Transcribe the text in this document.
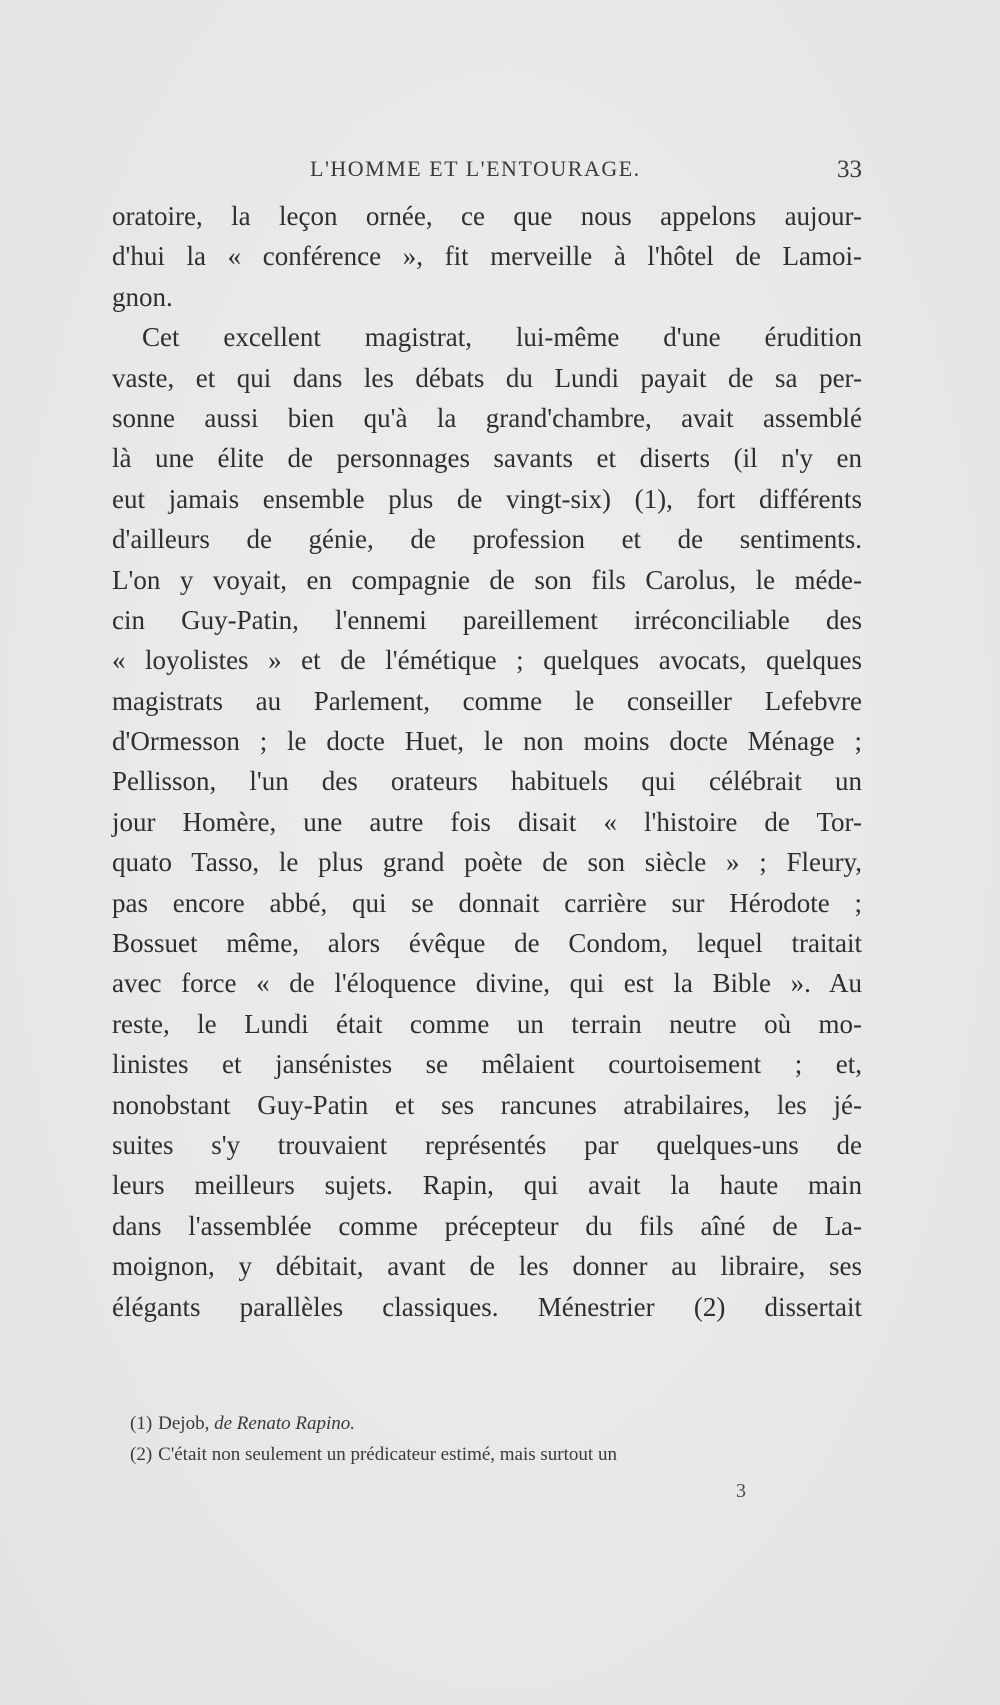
L'HOMME ET L'ENTOURAGE.	33
oratoire, la leçon ornée, ce que nous appelons aujour-
d'hui la « conférence », fit merveille à l'hôtel de Lamoi-
gnon.
Cet excellent magistrat, lui-même d'une érudition
vaste, et qui dans les débats du Lundi payait de sa per-
sonne aussi bien qu'à la grand'chambre, avait assemblé
là une élite de personnages savants et diserts (il n'y en
eut jamais ensemble plus de vingt-six) (1), fort différents
d'ailleurs de génie, de profession et de sentiments.
L'on y voyait, en compagnie de son fils Carolus, le méde-
cin Guy-Patin, l'ennemi pareillement irréconciliable des
« loyolistes » et de l'émétique ; quelques avocats, quelques
magistrats au Parlement, comme le conseiller Lefebvre
d'Ormesson ; le docte Huet, le non moins docte Ménage ;
Pellisson, l'un des orateurs habituels qui célébrait un
jour Homère, une autre fois disait « l'histoire de Tor-
quato Tasso, le plus grand poète de son siècle » ; Fleury,
pas encore abbé, qui se donnait carrière sur Hérodote ;
Bossuet même, alors évêque de Condom, lequel traitait
avec force « de l'éloquence divine, qui est la Bible ». Au
reste, le Lundi était comme un terrain neutre où mo-
linistes et jansénistes se mêlaient courtoisement ; et,
nonobstant Guy-Patin et ses rancunes atrabilaires, les jé-
suites s'y trouvaient représentés par quelques-uns de
leurs meilleurs sujets. Rapin, qui avait la haute main
dans l'assemblée comme précepteur du fils aîné de La-
moignon, y débitait, avant de les donner au libraire, ses
élégants parallèles classiques. Ménestrier (2) dissertait
(1) Dejob, de Renato Rapino.
(2) C'était non seulement un prédicateur estimé, mais surtout un
3
